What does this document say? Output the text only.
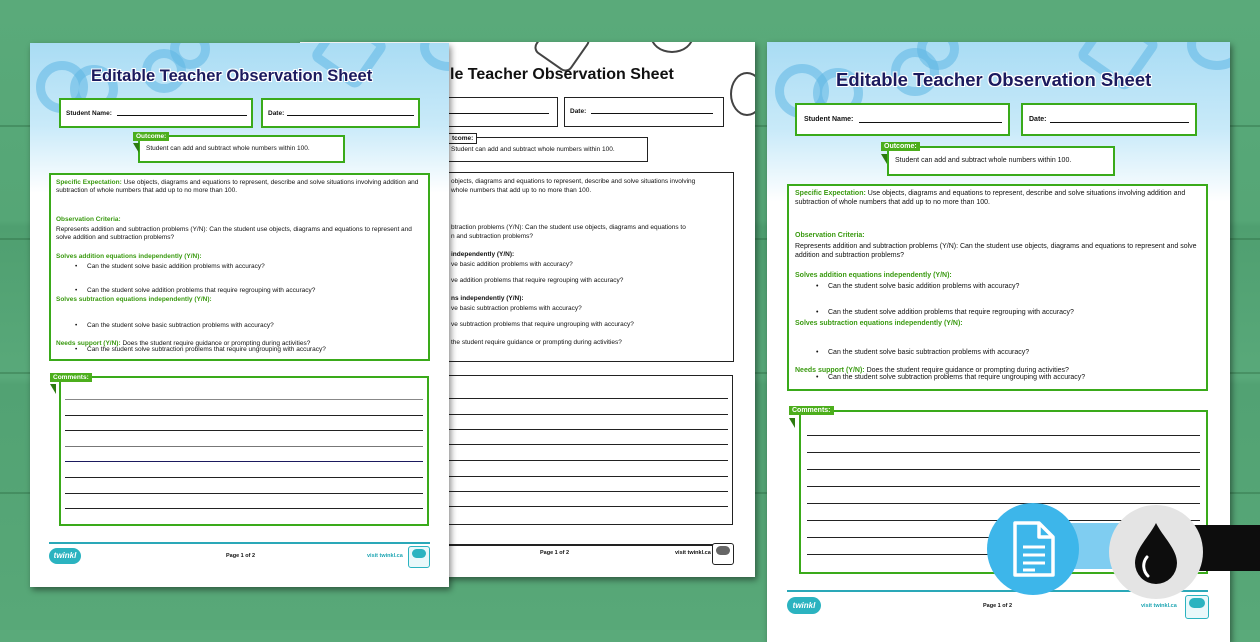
le Teacher Observation Sheet
Date:
Student can add and subtract whole numbers within 100.
tcome:
objects, diagrams and equations to represent, describe and solve situations involving
whole numbers that add up to no more than 100.
btraction problems (Y/N): Can the student use objects, diagrams and equations to
n and subtraction problems?
independently (Y/N):
ve basic addition problems with accuracy?
ve addition problems that require regrouping with accuracy?
ns independently (Y/N):
ve basic subtraction problems with accuracy?
ve subtraction problems that require ungrouping with accuracy?
the student require guidance or prompting during activities?
Page 1 of 2	visit twinkl.ca
Editable Teacher Observation Sheet
Student Name:	Date:
Student can add and subtract whole numbers within 100.
Outcome:
Specific Expectation: Use objects, diagrams and equations to represent, describe and solve situations involving addition and subtraction of whole numbers that add up to no more than 100.
Observation Criteria:
Represents addition and subtraction problems (Y/N): Can the student use objects, diagrams and equations to represent and solve addition and subtraction problems?
Solves addition equations independently (Y/N):
• Can the student solve basic addition problems with accuracy?
• Can the student solve addition problems that require regrouping with accuracy?
Solves subtraction equations independently (Y/N):
• Can the student solve basic subtraction problems with accuracy?
• Can the student solve subtraction problems that require ungrouping with accuracy?
Needs support (Y/N): Does the student require guidance or prompting during activities?
Comments:
twinkl	Page 1 of 2	visit twinkl.ca
Editable Teacher Observation Sheet
Student Name:	Date:
Student can add and subtract whole numbers within 100.
Outcome:
Specific Expectation: Use objects, diagrams and equations to represent, describe and solve situations involving addition and subtraction of whole numbers that add up to no more than 100.
Observation Criteria:
Represents addition and subtraction problems (Y/N): Can the student use objects, diagrams and equations to represent and solve addition and subtraction problems?
Solves addition equations independently (Y/N):
• Can the student solve basic addition problems with accuracy?
• Can the student solve addition problems that require regrouping with accuracy?
Solves subtraction equations independently (Y/N):
• Can the student solve basic subtraction problems with accuracy?
• Can the student solve subtraction problems that require ungrouping with accuracy?
Needs support (Y/N): Does the student require guidance or prompting during activities?
Comments:
twinkl	Page 1 of 2	visit twinkl.ca
